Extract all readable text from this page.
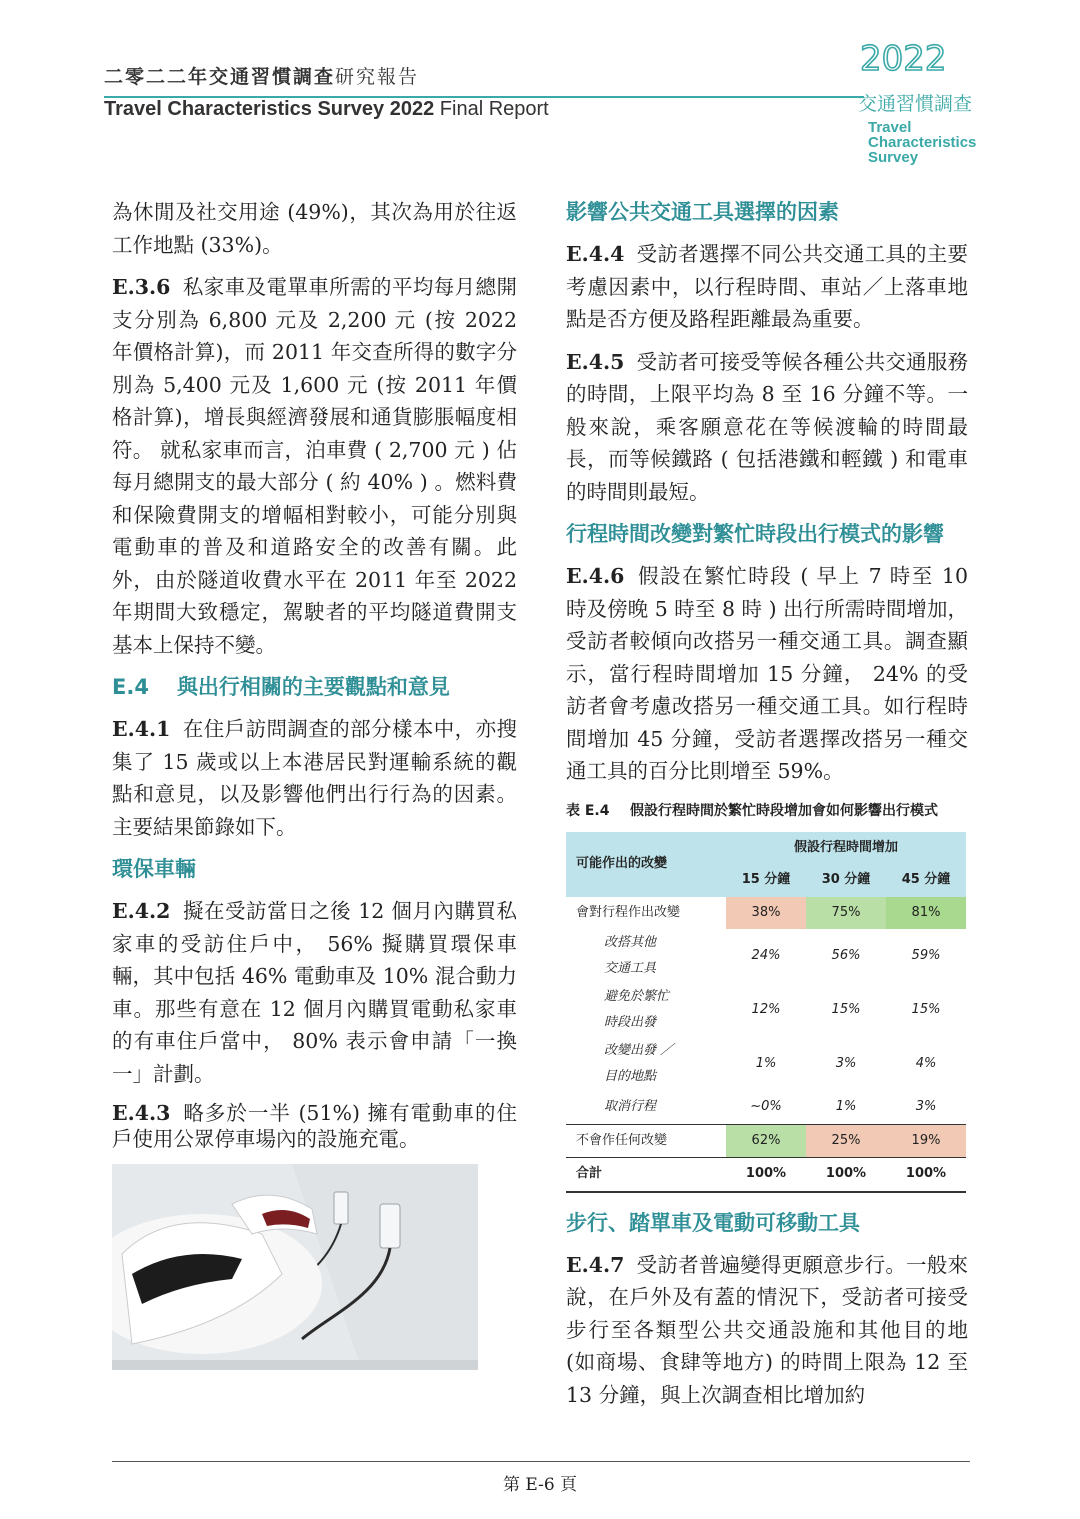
二零二二年交通習慣調查研究報告
Travel Characteristics Survey 2022 Final Report
2022
交通習慣調查
Travel
Characteristics
Survey

為休閒及社交用途 (49%)，其次為用於往返工作地點 (33%)。

E.3.6 私家車及電單車所需的平均每月總開支分別為 6,800 元及 2,200 元 (按 2022 年價格計算)，而 2011 年交查所得的數字分別為 5,400 元及 1,600 元 (按 2011 年價格計算)，增長與經濟發展和通貨膨脹幅度相符。 就私家車而言，泊車費 ( 2,700 元 ) 佔每月總開支的最大部分 ( 約 40% ) 。燃料費和保險費開支的增幅相對較小，可能分別與電動車的普及和道路安全的改善有關。此外，由於隧道收費水平在 2011 年至 2022 年期間大致穩定，駕駛者的平均隧道費開支基本上保持不變。

E.4 與出行相關的主要觀點和意見

E.4.1 在住戶訪問調查的部分樣本中，亦搜集了 15 歲或以上本港居民對運輸系統的觀點和意見，以及影響他們出行行為的因素。主要結果節錄如下。

環保車輛

E.4.2 擬在受訪當日之後 12 個月內購買私家車的受訪住戶中， 56% 擬購買環保車輛，其中包括 46% 電動車及 10% 混合動力車。那些有意在 12 個月內購買電動私家車的有車住戶當中， 80% 表示會申請「一換一」計劃。

E.4.3 略多於一半 (51%) 擁有電動車的住戶使用公眾停車場內的設施充電。

影響公共交通工具選擇的因素

E.4.4 受訪者選擇不同公共交通工具的主要考慮因素中，以行程時間、車站／上落車地點是否方便及路程距離最為重要。

E.4.5 受訪者可接受等候各種公共交通服務的時間，上限平均為 8 至 16 分鐘不等。一般來說，乘客願意花在等候渡輪的時間最長，而等候鐵路 ( 包括港鐵和輕鐵 ) 和電車的時間則最短。

行程時間改變對繁忙時段出行模式的影響

E.4.6 假設在繁忙時段 ( 早上 7 時至 10 時及傍晚 5 時至 8 時 ) 出行所需時間增加，受訪者較傾向改搭另一種交通工具。調查顯示，當行程時間增加 15 分鐘， 24% 的受訪者會考慮改搭另一種交通工具。如行程時間增加 45 分鐘，受訪者選擇改搭另一種交通工具的百分比則增至 59%。

表 E.4	假設行程時間於繁忙時段增加會如何影響出行模式
可能作出的改變	假設行程時間增加		
	15 分鐘	30 分鐘	45 分鐘
會對行程作出改變	38%	75%	81%
改搭其他
交通工具	24%	56%	59%
避免於繁忙
時段出發	12%	15%	15%
改變出發 ／
目的地點	1%	3%	4%
取消行程	~0%	1%	3%
不會作任何改變	62%	25%	19%
合計	100%	100%	100%
步行、踏單車及電動可移動工具

E.4.7 受訪者普遍變得更願意步行。一般來說，在戶外及有蓋的情況下，受訪者可接受步行至各類型公共交通設施和其他目的地 (如商場、食肆等地方) 的時間上限為 12 至 13 分鐘，與上次調查相比增加約

第 E-6 頁
